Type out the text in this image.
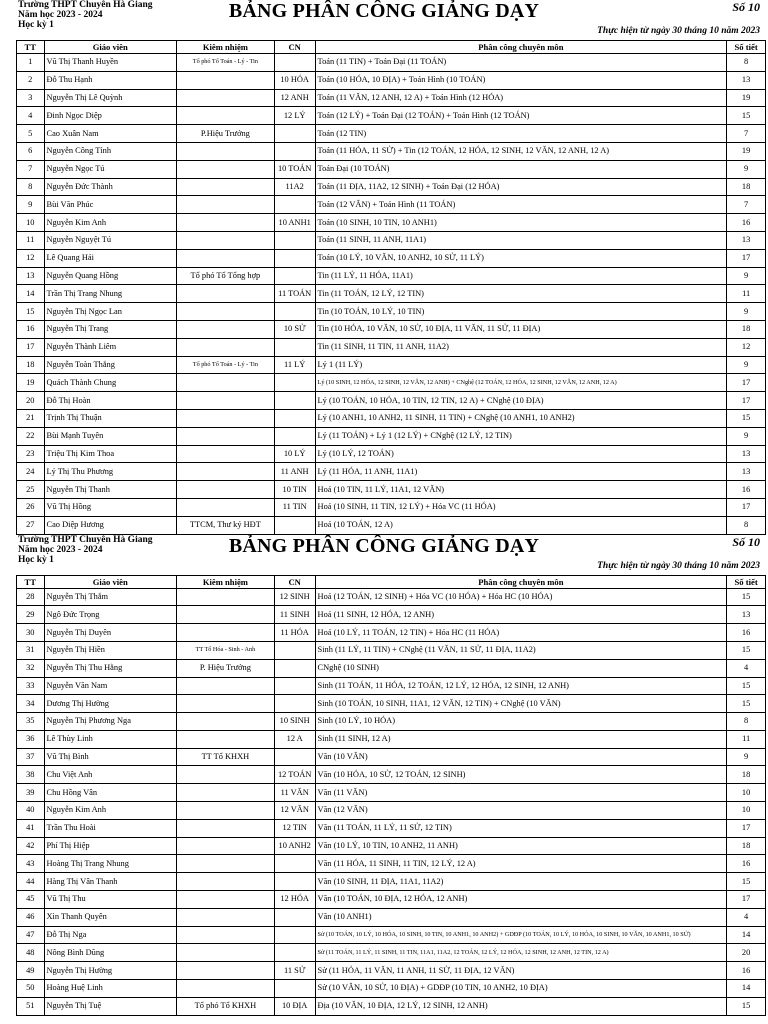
Trường THPT Chuyên Hà Giang
Năm học 2023 - 2024
Học kỳ 1
BẢNG PHÂN CÔNG GIẢNG DẠY	Số 10
Thực hiện từ ngày 30 tháng 10 năm 2023
TT	Giáo viên	Kiêm nhiệm	CN	Phân công chuyên môn	Số tiết
1	Vũ Thị Thanh Huyền	Tổ phó Tổ Toán - Lý - Tin		Toán (11 TIN) + Toán Đại (11 TOÁN)	8
2	Đỗ Thu Hạnh		10 HÓA	Toán (10 HÓA, 10 ĐỊA) + Toán Hình (10 TOÁN)	13
3	Nguyễn Thị Lê Quỳnh		12 ANH	Toán (11 VĂN, 12 ANH, 12 A) + Toán Hình (12 HÓA)	19
4	Đinh Ngọc Diệp		12 LÝ	Toán (12 LÝ) + Toán Đại (12 TOÁN) + Toán Hình (12 TOÁN)	15
5	Cao Xuân Nam	P.Hiệu Trưởng		Toán (12 TIN)	7
6	Nguyễn Công Tỉnh			Toán (11 HÓA, 11 SỬ) + Tin (12 TOÁN, 12 HÓA, 12 SINH, 12 VĂN, 12 ANH, 12 A)	19
7	Nguyễn Ngọc Tú		10 TOÁN	Toán Đại (10 TOÁN)	9
8	Nguyễn Đức Thành		11A2	Toán (11 ĐỊA, 11A2, 12 SINH) + Toán Đại (12 HÓA)	18
9	Bùi Văn Phúc			Toán (12 VĂN) + Toán Hình (11 TOÁN)	7
10	Nguyễn Kim Anh		10 ANH1	Toán (10 SINH, 10 TIN, 10 ANH1)	16
11	Nguyễn Nguyệt Tú			Toán (11 SINH, 11 ANH, 11A1)	13
12	Lê Quang Hải			Toán (10 LÝ, 10 VĂN, 10 ANH2, 10 SỬ, 11 LÝ)	17
13	Nguyễn Quang Hồng	Tổ phó Tổ Tổng hợp		Tin (11 LÝ, 11 HÓA, 11A1)	9
14	Trần Thị Trang Nhung		11 TOÁN	Tin (11 TOÁN, 12 LÝ, 12 TIN)	11
15	Nguyễn Thị Ngọc Lan			Tin (10 TOÁN, 10 LÝ, 10 TIN)	9
16	Nguyễn Thị Trang		10 SỬ	Tin (10 HÓA, 10 VĂN, 10 SỬ, 10 ĐỊA, 11 VĂN, 11 SỬ, 11 ĐỊA)	18
17	Nguyễn Thành Liêm			Tin (11 SINH, 11 TIN, 11 ANH, 11A2)	12
18	Nguyễn Toàn Thắng	Tổ phó Tổ Toán - Lý - Tin	11 LÝ	Lý 1 (11 LÝ)	9
19	Quách Thành Chung			Lý (10 SINH, 12 HÓA, 12 SINH, 12 VĂN, 12 ANH) + CNghệ (12 TOÁN, 12 HÓA, 12 SINH, 12 VĂN, 12 ANH, 12 A)	17
20	Đỗ Thị Hoàn			Lý (10 TOÁN, 10 HÓA, 10 TIN, 12 TIN, 12 A) + CNghệ (10 ĐỊA)	17
21	Trịnh Thị Thuận			Lý (10 ANH1, 10 ANH2, 11 SINH, 11 TIN) + CNghệ (10 ANH1, 10 ANH2)	15
22	Bùi Mạnh Tuyên			Lý (11 TOÁN) + Lý 1 (12 LÝ) + CNghệ (12 LÝ, 12 TIN)	9
23	Triệu Thị Kim Thoa		10 LÝ	Lý (10 LÝ, 12 TOÁN)	13
24	Lý Thị Thu Phương		11 ANH	Lý (11 HÓA, 11 ANH, 11A1)	13
25	Nguyễn Thị Thanh		10 TIN	Hoá (10 TIN, 11 LÝ, 11A1, 12 VĂN)	16
26	Vũ Thị Hồng		11 TIN	Hoá (10 SINH, 11 TIN, 12 LÝ) + Hóa VC (11 HÓA)	17
27	Cao Diệp Hương	TTCM, Thư ký HĐT		Hoá (10 TOÁN, 12 A)	8
Trường THPT Chuyên Hà Giang
Năm học 2023 - 2024
Học kỳ 1
BẢNG PHÂN CÔNG GIẢNG DẠY	Số 10
Thực hiện từ ngày 30 tháng 10 năm 2023
TT	Giáo viên	Kiêm nhiệm	CN	Phân công chuyên môn	Số tiết
28	Nguyễn Thị Thắm		12 SINH	Hoá (12 TOÁN, 12 SINH) + Hóa VC (10 HÓA) + Hóa HC (10 HÓA)	15
29	Ngô Đức Trọng		11 SINH	Hoá (11 SINH, 12 HÓA, 12 ANH)	13
30	Nguyễn Thị Duyên		11 HÓA	Hoá (10 LÝ, 11 TOÁN, 12 TIN) + Hóa HC (11 HÓA)	16
31	Nguyễn Thị Hiền	TT Tổ Hóa - Sinh - Anh		Sinh (11 LÝ, 11 TIN) + CNghệ (11 VĂN, 11 SỬ, 11 ĐỊA, 11A2)	15
32	Nguyễn Thị Thu Hằng	P. Hiệu Trưởng		CNghệ (10 SINH)	4
33	Nguyễn Văn Nam			Sinh (11 TOÁN, 11 HÓA, 12 TOÁN, 12 LÝ, 12 HÓA, 12 SINH, 12 ANH)	15
34	Dương Thị Hường			Sinh (10 TOÁN, 10 SINH, 11A1, 12 VĂN, 12 TIN) + CNghệ (10 VĂN)	15
35	Nguyễn Thị Phương Nga		10 SINH	Sinh (10 LÝ, 10 HÓA)	8
36	Lê Thùy Linh		12 A	Sinh (11 SINH, 12 A)	11
37	Vũ Thị Bình	TT Tổ KHXH		Văn (10 VĂN)	9
38	Chu Việt Anh		12 TOÁN	Văn (10 HÓA, 10 SỬ, 12 TOÁN, 12 SINH)	18
39	Chu Hồng Vân		11 VĂN	Văn (11 VĂN)	10
40	Nguyễn Kim Anh		12 VĂN	Văn (12 VĂN)	10
41	Trần Thu Hoài		12 TIN	Văn (11 TOÁN, 11 LÝ, 11 SỬ, 12 TIN)	17
42	Phí Thị Hiệp		10 ANH2	Văn (10 LÝ, 10 TIN, 10 ANH2, 11 ANH)	18
43	Hoàng Thị Trang Nhung			Văn (11 HÓA, 11 SINH, 11 TIN, 12 LÝ, 12 A)	16
44	Hàng Thị Vân Thanh			Văn (10 SINH, 11 ĐỊA, 11A1, 11A2)	15
45	Vũ Thị Thu		12 HÓA	Văn (10 TOÁN, 10 ĐỊA, 12 HÓA, 12 ANH)	17
46	Xìn Thanh Quyên			Văn (10 ANH1)	4
47	Đỗ Thị Nga			Sử (10 TOÁN, 10 LÝ, 10 HÓA, 10 SINH, 10 TIN, 10 ANH1, 10 ANH2) + GDĐP (10 TOÁN, 10 LÝ, 10 HÓA, 10 SINH, 10 VĂN, 10 ANH1, 10 SỬ)	14
48	Nông Bình Dũng			Sử (11 TOÁN, 11 LÝ, 11 SINH, 11 TIN, 11A1, 11A2, 12 TOÁN, 12 LÝ, 12 HÓA, 12 SINH, 12 ANH, 12 TIN, 12 A)	20
49	Nguyễn Thị Hường		11 SỬ	Sử (11 HÓA, 11 VĂN, 11 ANH, 11 SỬ, 11 ĐỊA, 12 VĂN)	16
50	Hoàng Huệ Linh			Sử (10 VĂN, 10 SỬ, 10 ĐỊA) + GDĐP (10 TIN, 10 ANH2, 10 ĐỊA)	14
51	Nguyễn Thị Tuệ	Tổ phó Tổ KHXH	10 ĐỊA	Địa (10 VĂN, 10 ĐỊA, 12 LÝ, 12 SINH, 12 ANH)	15
